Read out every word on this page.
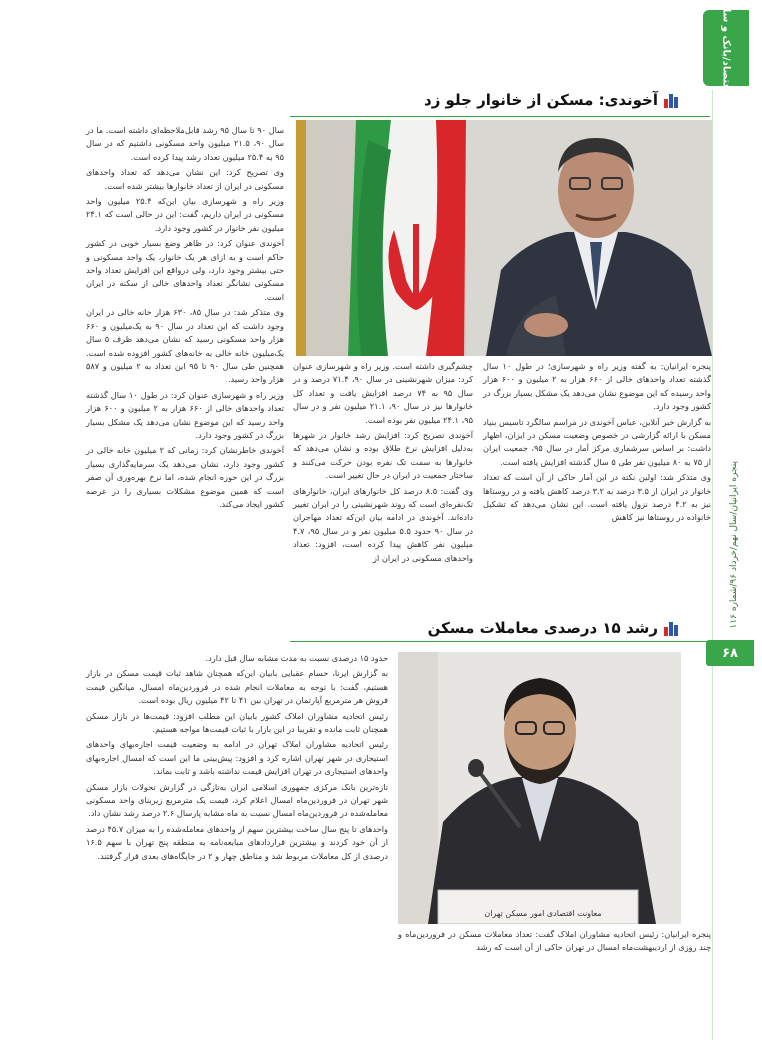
اقتصاد/بانک و ساز
پنجره ایرانیان/سال نهم/خرداد ۹۶/شماره ۱۱۶
۶۸
آخوندی: مسکن از خانوار جلو زد

پنجره ایرانیان: به گفته وزیر راه و شهرسازی؛ در طول ۱۰ سال گذشته تعداد واحدهای خالی از ۶۶۰ هزار به ۲ میلیون و ۶۰۰ هزار واحد رسیده که این موضوع نشان می‌دهد یک مشکل بسیار بزرگ در کشور وجود دارد.

به گزارش خبر آنلاین، عباس آخوندی در مراسم سالگرد تاسیس بنیاد مسکن با ارائه گزارشی در خصوص وضعیت مسکن در ایران، اظهار داشت: بر اساس سرشماری مرکز آمار در سال ۹۵، جمعیت ایران از ۷۵ به ۸۰ میلیون نفر طی ۵ سال گذشته افزایش یافته است.

وی متذکر شد: اولین نکته در این آمار حاکی از آن است که تعداد خانوار در ایران از ۳.۵ درصد به ۳.۲ درصد کاهش یافته و در روستاها نیز به ۴.۲ درصد نزول یافته است. این نشان می‌دهد که تشکیل خانواده در روستاها نیز کاهش

چشم‌گیری داشته است. وزیر راه و شهرسازی عنوان کرد: میزان شهرنشینی در سال ۹۰، ۷۱.۴ درصد و در سال ۹۵ به ۷۴ درصد افزایش یافت و تعداد کل خانوارها نیز در سال ۹۰، ۲۱.۱ میلیون نفر و در سال ۹۵، ۲۴.۱ میلیون نفر بوده است.

آخوندی تصریح کرد: افزایش رشد خانوار در شهرها به‌دلیل افزایش نرخ طلاق بوده و نشان می‌دهد که خانوارها به سمت تک نفره بودن حرکت می‌کنند و ساختار جمعیت در ایران در حال تغییر است.

وی گفت: ۸.۵ درصد کل خانوارهای ایران، خانوارهای تک‌نفره‌ای است که روند شهرنشینی را در ایران تغییر داده‌اند. آخوندی در ادامه بیان این‌که تعداد مهاجران در سال ۹۰ حدود ۵.۵ میلیون نفر و در سال ۹۵، ۴.۷ میلیون نفر کاهش پیدا کرده است، افزود: تعداد واحدهای مسکونی در ایران از

سال ۹۰ تا سال ۹۵ رشد قابل‌ملاحظه‌ای داشته است. ما در سال ۹۰، ۲۱.۵ میلیون واحد مسکونی داشتیم که در سال ۹۵ به ۲۵.۴ میلیون تعداد رشد پیدا کرده است.

وی تصریح کرد: این نشان می‌دهد که تعداد واحدهای مسکونی در ایران از تعداد خانوارها بیشتر شده است.

وزیر راه و شهرسازی بیان این‌که ۲۵.۴ میلیون واحد مسکونی در ایران داریم، گفت: این در حالی است که ۲۴.۱ میلیون نفر خانوار در کشور وجود دارد.

آخوندی عنوان کرد: در ظاهر وضع بسیار خوبی در کشور حاکم است و به ازای هر یک خانوار، یک واحد مسکونی و حتی بیشتر وجود دارد، ولی درواقع این افزایش تعداد واحد مسکونی نشانگر تعداد واحدهای خالی از سکنه در ایران است.

وی متذکر شد: در سال ۸۵، ۶۳۰ هزار خانه خالی در ایران وجود داشت که این تعداد در سال ۹۰ به یک‌میلیون و ۶۶۰ هزار واحد مسکونی رسید که نشان می‌دهد ظرف ۵ سال یک‌میلیون خانه خالی به خانه‌های کشور افزوده شده است. همچنین طی سال ۹۰ تا ۹۵ این تعداد به ۲ میلیون و ۵۸۷ هزار واحد رسید.

وزیر راه و شهرسازی عنوان کرد: در طول ۱۰ سال گذشته تعداد واحدهای خالی از ۶۶۰ هزار به ۲ میلیون و ۶۰۰ هزار واحد رسید که این موضوع نشان می‌دهد یک مشکل بسیار بزرگ در کشور وجود دارد.

آخوندی خاطرنشان کرد: زمانی که ۲ میلیون خانه خالی در کشور وجود دارد، نشان می‌دهد یک سرمایه‌گذاری بسیار بزرگ در این حوزه انجام شده، اما نرخ بهره‌وری آن صفر است که همین موضوع مشکلات بسیاری را در عرصه کشور ایجاد می‌کند.

رشد ۱۵ درصدی معاملات مسکن
معاونت اقتصادی امور مسکن تهران
پنجره ایرانیان: رئیس اتحادیه مشاوران املاک گفت: تعداد معاملات مسکن در فروردین‌ماه و چند روزی از اردیبهشت‌ماه امسال در تهران حاکی از آن است که رشد

حدود ۱۵ درصدی نسبت به مدت مشابه سال قبل دارد.

به گزارش ایرنا، حسام عقبایی بابیان این‌که همچنان شاهد ثبات قیمت مسکن در بازار هستیم، گفت: با توجه به معاملات انجام شده در فروردین‌ماه امسال، میانگین قیمت فروش هر مترمربع آپارتمان در تهران بین ۴۱ تا ۴۲ میلیون ریال بوده است.

رئیس اتحادیه مشاوران املاک کشور بابیان این مطلب افزود: قیمت‌ها در بازار مسکن همچنان ثابت مانده و تقریبا در این بازار با ثبات قیمت‌ها مواجه هستیم.

رئیس اتحادیه مشاوران املاک تهران در ادامه به وضعیت قیمت اجاره‌بهای واحدهای استیجاری در شهر تهران اشاره کرد و افزود: پیش‌بینی ما این است که امسال اجاره‌بهای واحدهای استیجاری در تهران افزایش قیمت نداشته باشد و ثابت بماند.

تازه‌ترین بانک مرکزی جمهوری اسلامی ایران به‌تازگی در گزارش تحولات بازار مسکن شهر تهران در فروردین‌ماه امسال اعلام کرد، قیمت یک مترمربع زیربنای واحد مسکونی معامله‌شده در فروردین‌ماه امسال نسبت به ماه مشابه پارسال ۲.۶ درصد رشد نشان داد.

واحدهای تا پنج سال ساخت بیشترین سهم از واحدهای معامله‌شده را به میزان ۴۵.۷ درصد از آن خود کردند و بیشترین قراردادهای مبایعه‌نامه به منطقه پنج تهران با سهم ۱۶.۵ درصدی از کل معاملات مربوط شد و مناطق چهار و ۲ در جایگاه‌های بعدی قرار گرفتند.
